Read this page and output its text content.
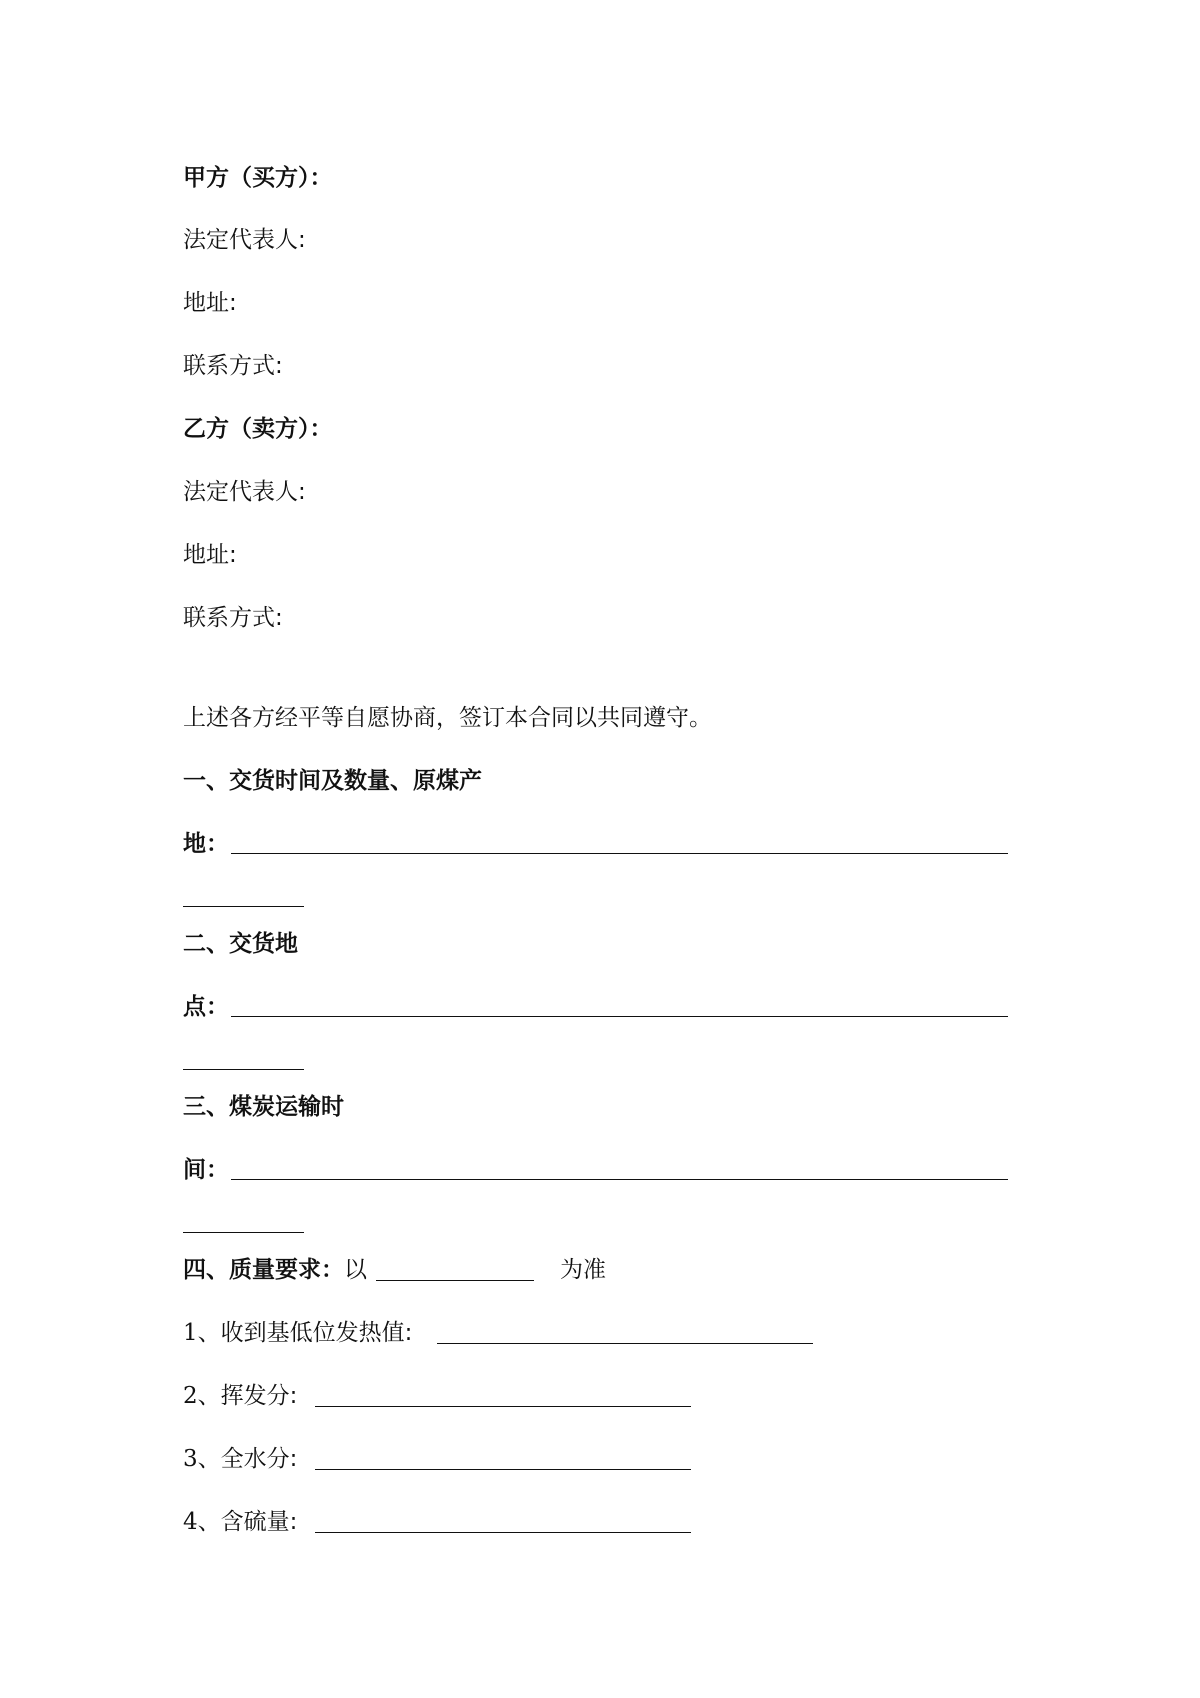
甲方（买方）：
法定代表人:
地址:
联系方式:
乙方（卖方）：
法定代表人:
地址:
联系方式:
上述各方经平等自愿协商，签订本合同以共同遵守。
一、交货时间及数量、原煤产
地：
二、交货地
点：
三、煤炭运输时
间：
四、质量要求：以	为准
1、收到基低位发热值:
2、挥发分:
3、全水分:
4、含硫量:
